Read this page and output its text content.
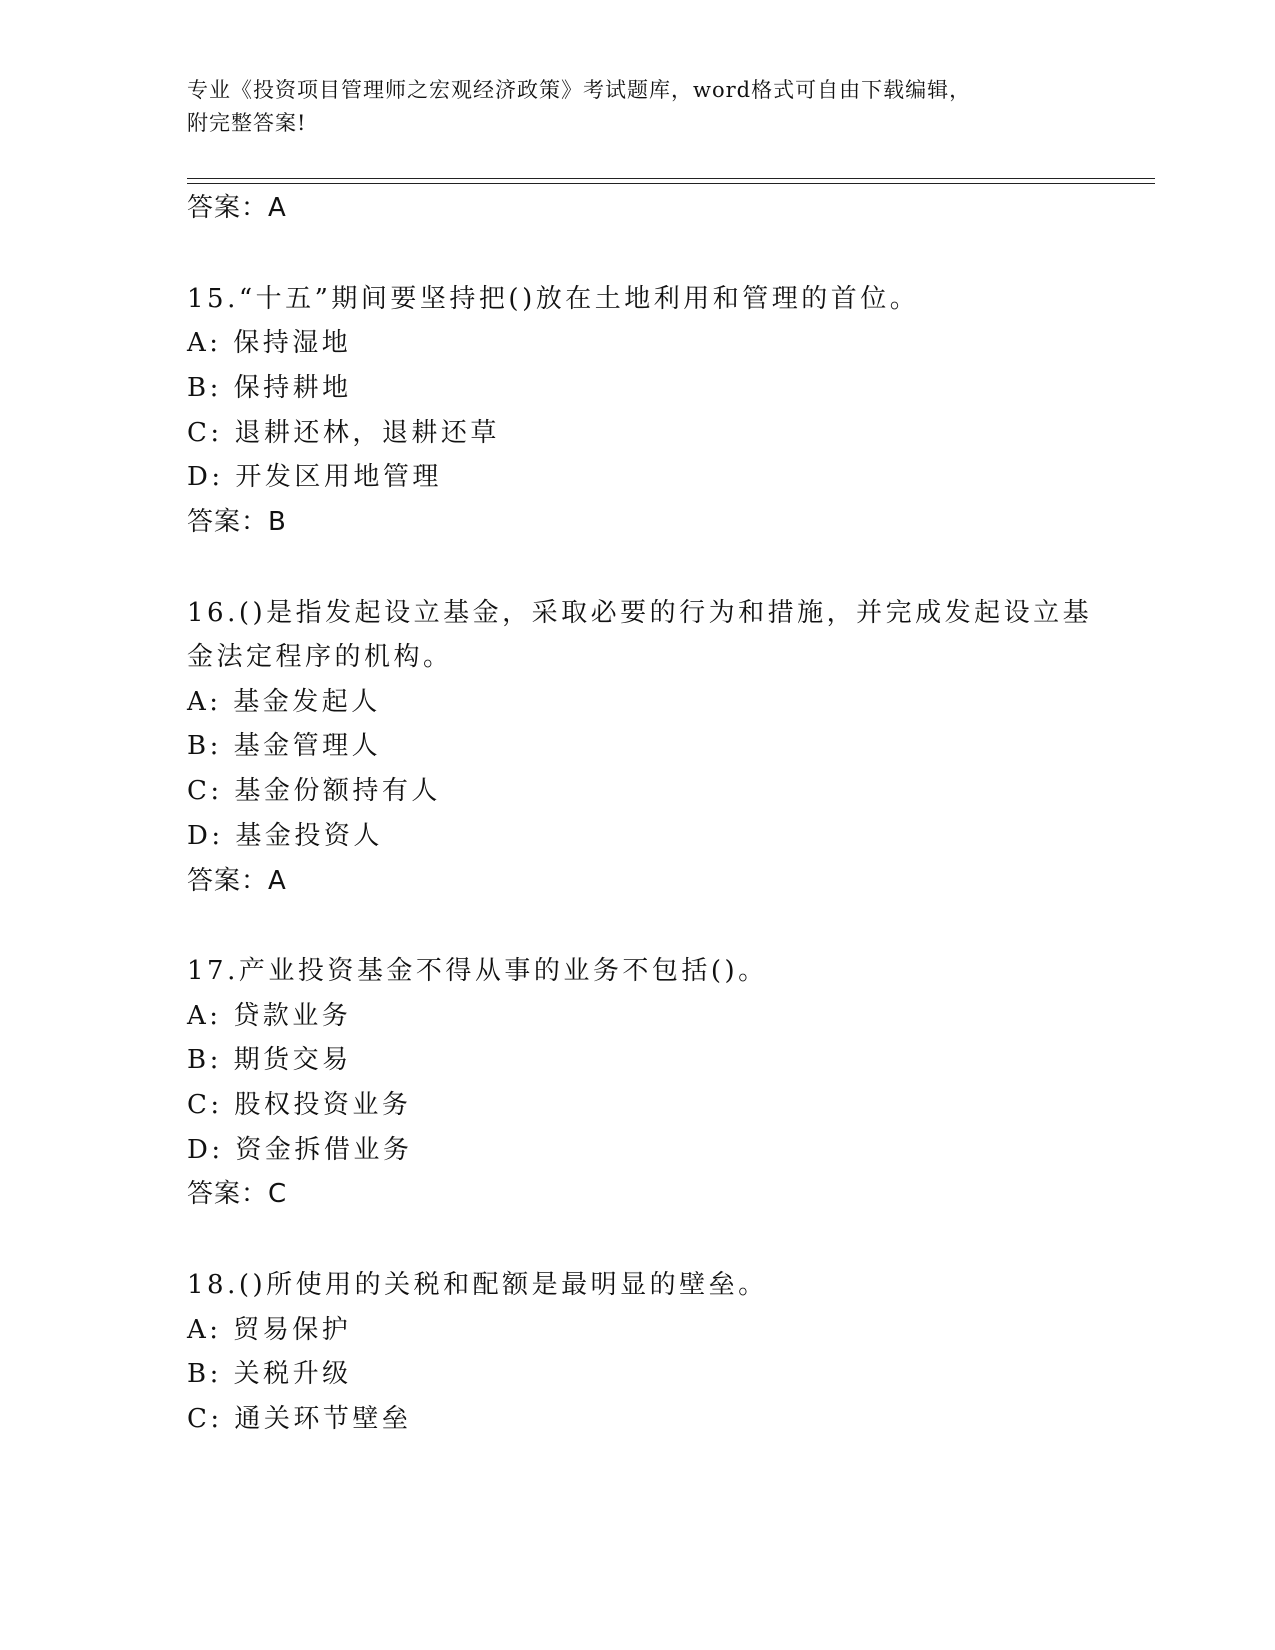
专业《投资项目管理师之宏观经济政策》考试题库，word格式可自由下载编辑，
附完整答案!
答案：A
15.“十五”期间要坚持把()放在土地利用和管理的首位。
A: 保持湿地
B: 保持耕地
C: 退耕还林，退耕还草
D: 开发区用地管理
答案：B
16.()是指发起设立基金，采取必要的行为和措施，并完成发起设立基
金法定程序的机构。
A: 基金发起人
B: 基金管理人
C: 基金份额持有人
D: 基金投资人
答案：A
17.产业投资基金不得从事的业务不包括()。
A: 贷款业务
B: 期货交易
C: 股权投资业务
D: 资金拆借业务
答案：C
18.()所使用的关税和配额是最明显的壁垒。
A: 贸易保护
B: 关税升级
C: 通关环节壁垒
